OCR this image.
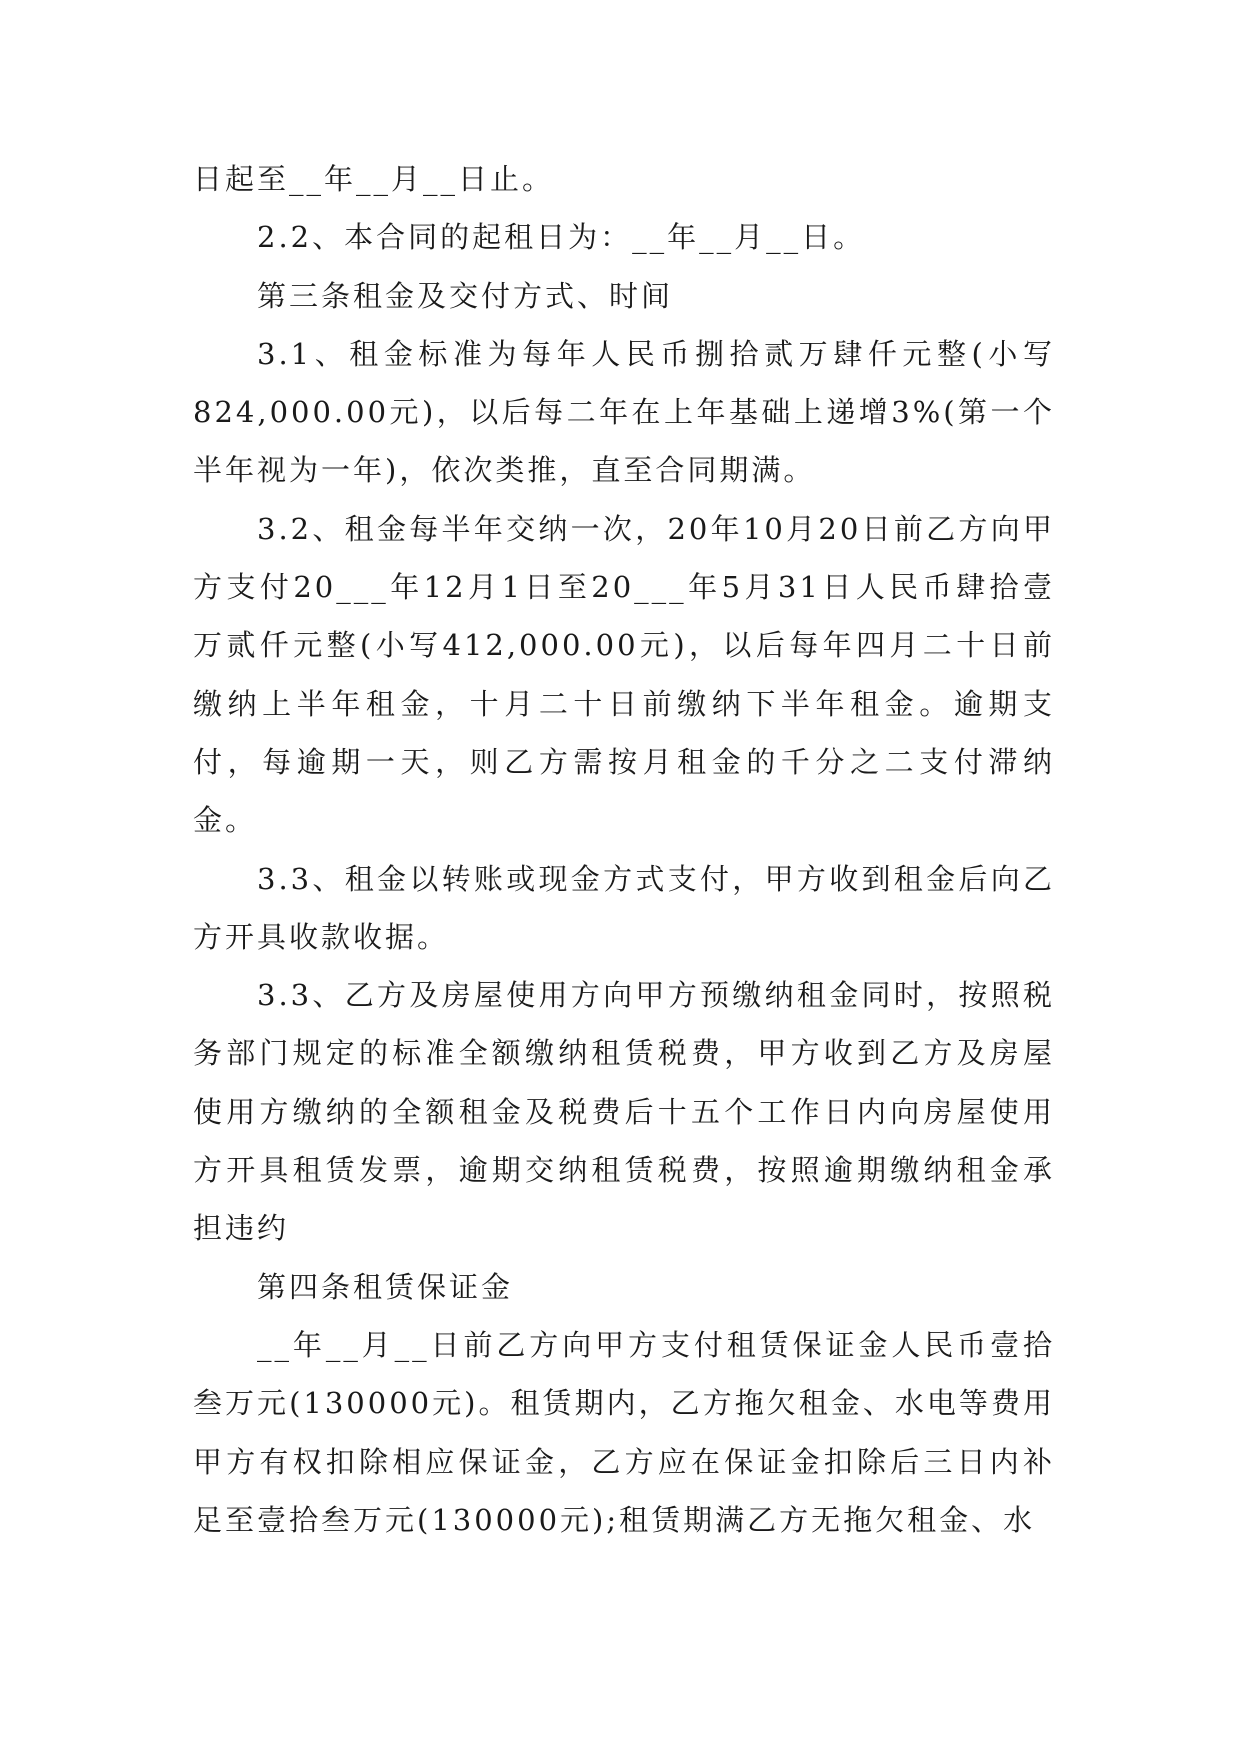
日起至__年__月__日止。

2.2、本合同的起租日为：__年__月__日。

第三条租金及交付方式、时间

3.1、租金标准为每年人民币捌拾贰万肆仟元整(小写824,000.00元)，以后每二年在上年基础上递增3%(第一个半年视为一年)，依次类推，直至合同期满。

3.2、租金每半年交纳一次，20年10月20日前乙方向甲方支付20___年12月1日至20___年5月31日人民币肆拾壹万贰仟元整(小写412,000.00元)，以后每年四月二十日前缴纳上半年租金，十月二十日前缴纳下半年租金。逾期支付，每逾期一天，则乙方需按月租金的千分之二支付滞纳金。

3.3、租金以转账或现金方式支付，甲方收到租金后向乙方开具收款收据。

3.3、乙方及房屋使用方向甲方预缴纳租金同时，按照税务部门规定的标准全额缴纳租赁税费，甲方收到乙方及房屋使用方缴纳的全额租金及税费后十五个工作日内向房屋使用方开具租赁发票，逾期交纳租赁税费，按照逾期缴纳租金承担违约

第四条租赁保证金

__年__月__日前乙方向甲方支付租赁保证金人民币壹拾叁万元(130000元)。租赁期内，乙方拖欠租金、水电等费用甲方有权扣除相应保证金，乙方应在保证金扣除后三日内补足至壹拾叁万元(130000元);租赁期满乙方无拖欠租金、水
